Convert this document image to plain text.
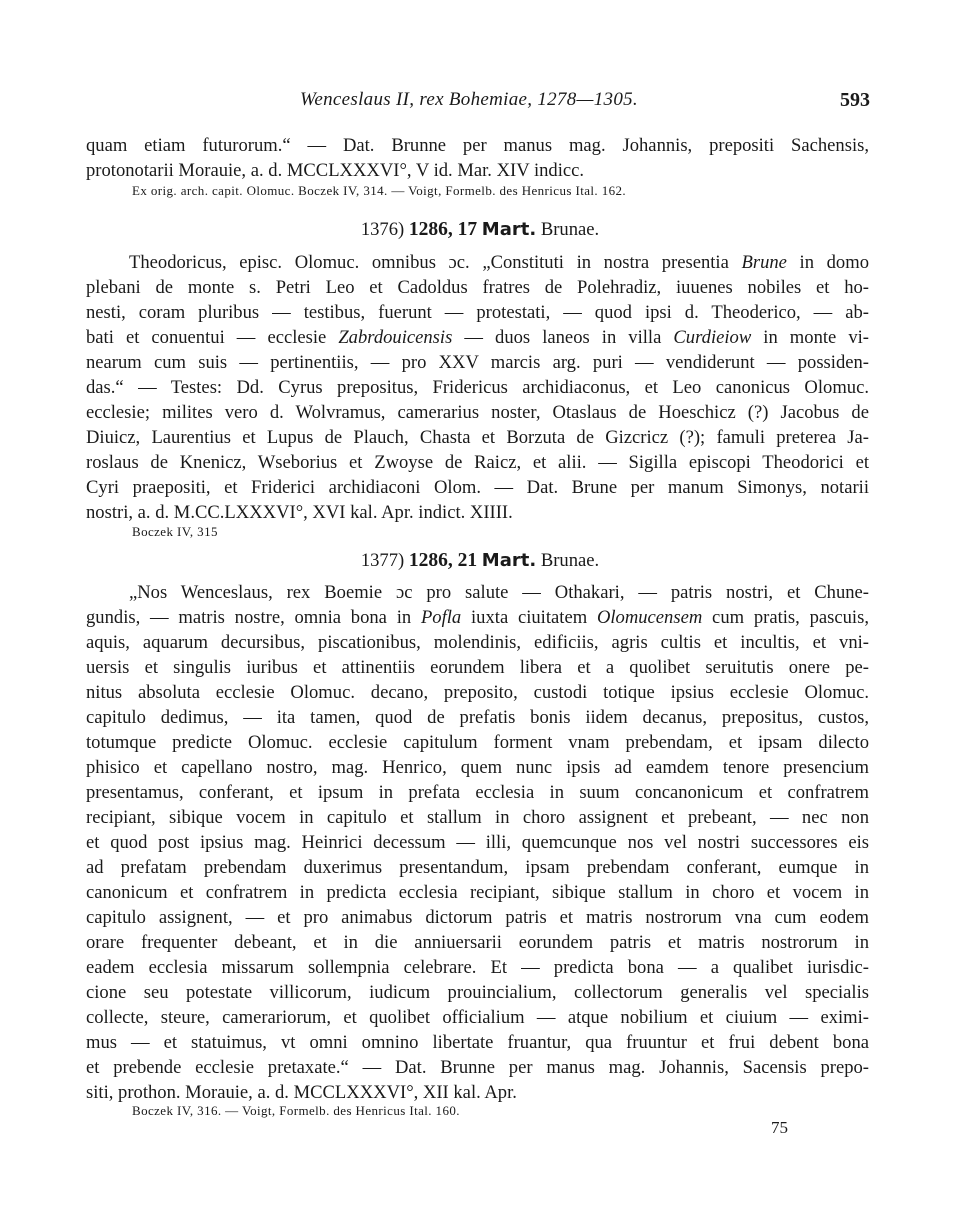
Wenceslaus II, rex Bohemiae, 1278—1305.	593
quam etiam futurorum.“ — Dat. Brunne per manus mag. Johannis, prepositi Sachensis,
protonotarii Morauie, a. d. MCCLXXXVI°, V id. Mar. XIV indicc.
Ex orig. arch. capit. Olomuc. Boczek IV, 314. — Voigt, Formelb. des Henricus Ital. 162.
1376) 1286, 17 Mart. Brunae.
Theodoricus, episc. Olomuc. omnibus ɔc. „Constituti in nostra presentia Brune in domo
plebani de monte s. Petri Leo et Cadoldus fratres de Polehradiz, iuuenes nobiles et ho-
nesti, coram pluribus — testibus, fuerunt — protestati, — quod ipsi d. Theoderico, — ab-
bati et conuentui — ecclesie Zabrdouicensis — duos laneos in villa Curdieiow in monte vi-
nearum cum suis — pertinentiis, — pro XXV marcis arg. puri — vendiderunt — possiden-
das.“ — Testes: Dd. Cyrus prepositus, Fridericus archidiaconus, et Leo canonicus Olomuc.
ecclesie; milites vero d. Wolvramus, camerarius noster, Otaslaus de Hoeschicz (?) Jacobus de
Diuicz, Laurentius et Lupus de Plauch, Chasta et Borzuta de Gizcricz (?); famuli preterea Ja-
roslaus de Knenicz, Wseborius et Zwoyse de Raicz, et alii. — Sigilla episcopi Theodorici et
Cyri praepositi, et Friderici archidiaconi Olom. — Dat. Brune per manum Simonys, notarii
nostri, a. d. M.CC.LXXXVI°, XVI kal. Apr. indict. XIIII.
Boczek IV, 315
1377) 1286, 21 Mart. Brunae.
„Nos Wenceslaus, rex Boemie ɔc pro salute — Othakari, — patris nostri, et Chune-
gundis, — matris nostre, omnia bona in Pofla iuxta ciuitatem Olomucensem cum pratis, pascuis,
aquis, aquarum decursibus, piscationibus, molendinis, edificiis, agris cultis et incultis, et vni-
uersis et singulis iuribus et attinentiis eorundem libera et a quolibet seruitutis onere pe-
nitus absoluta ecclesie Olomuc. decano, preposito, custodi totique ipsius ecclesie Olomuc.
capitulo dedimus, — ita tamen, quod de prefatis bonis iidem decanus, prepositus, custos,
totumque predicte Olomuc. ecclesie capitulum forment vnam prebendam, et ipsam dilecto
phisico et capellano nostro, mag. Henrico, quem nunc ipsis ad eamdem tenore presencium
presentamus, conferant, et ipsum in prefata ecclesia in suum concanonicum et confratrem
recipiant, sibique vocem in capitulo et stallum in choro assignent et prebeant, — nec non
et quod post ipsius mag. Heinrici decessum — illi, quemcunque nos vel nostri successores eis
ad prefatam prebendam duxerimus presentandum, ipsam prebendam conferant, eumque in
canonicum et confratrem in predicta ecclesia recipiant, sibique stallum in choro et vocem in
capitulo assignent, — et pro animabus dictorum patris et matris nostrorum vna cum eodem
orare frequenter debeant, et in die anniuersarii eorundem patris et matris nostrorum in
eadem ecclesia missarum sollempnia celebrare. Et — predicta bona — a qualibet iurisdic-
cione seu potestate villicorum, iudicum prouincialium, collectorum generalis vel specialis
collecte, steure, camerariorum, et quolibet officialium — atque nobilium et ciuium — eximi-
mus — et statuimus, vt omni omnino libertate fruantur, qua fruuntur et frui debent bona
et prebende ecclesie pretaxate.“ — Dat. Brunne per manus mag. Johannis, Sacensis prepo-
siti, prothon. Morauie, a. d. MCCLXXXVI°, XII kal. Apr.
Boczek IV, 316. — Voigt, Formelb. des Henricus Ital. 160.
75
